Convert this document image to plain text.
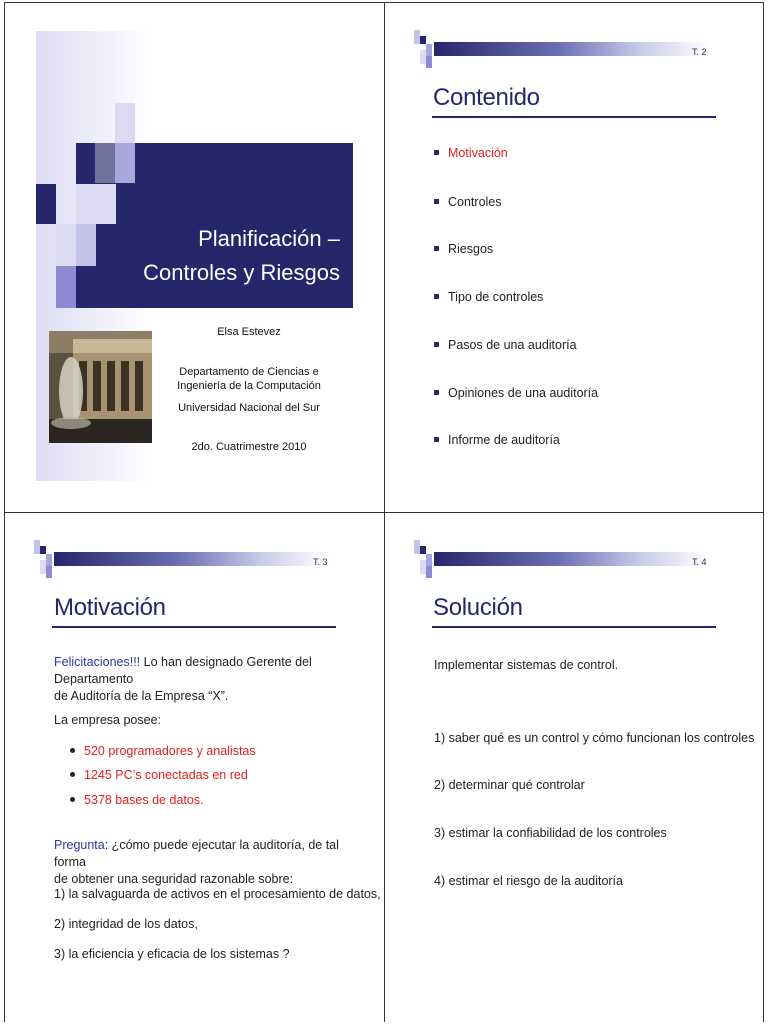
Planificación –
Controles y Riesgos
Elsa Estevez
Departamento de Ciencias e Ingeniería de la Computación
Universidad Nacional del Sur
2do. Cuatrimestre 2010
T. 2
Contenido
Motivación
Controles
Riesgos
Tipo de controles
Pasos de una auditoría
Opiniones de una auditoría
Informe de auditoría
T. 3
Motivación
Felicitaciones!!! Lo han designado Gerente del Departamento
de Auditoría de la Empresa “X”.
La empresa posee:
520 programadores y analistas
1245 PC’s conectadas en red
5378 bases de datos.
Pregunta: ¿cómo puede ejecutar la auditoría, de tal forma
de obtener una seguridad razonable sobre:
1) la salvaguarda de activos en el procesamiento de datos,
2) integridad de los datos,
3) la eficiencia y eficacia de los sistemas ?
T. 4
Solución
Implementar sistemas de control.
1) saber qué es un control y cómo funcionan los controles
2) determinar qué controlar
3) estimar la confiabilidad de los controles
4) estimar el riesgo de la auditoría
